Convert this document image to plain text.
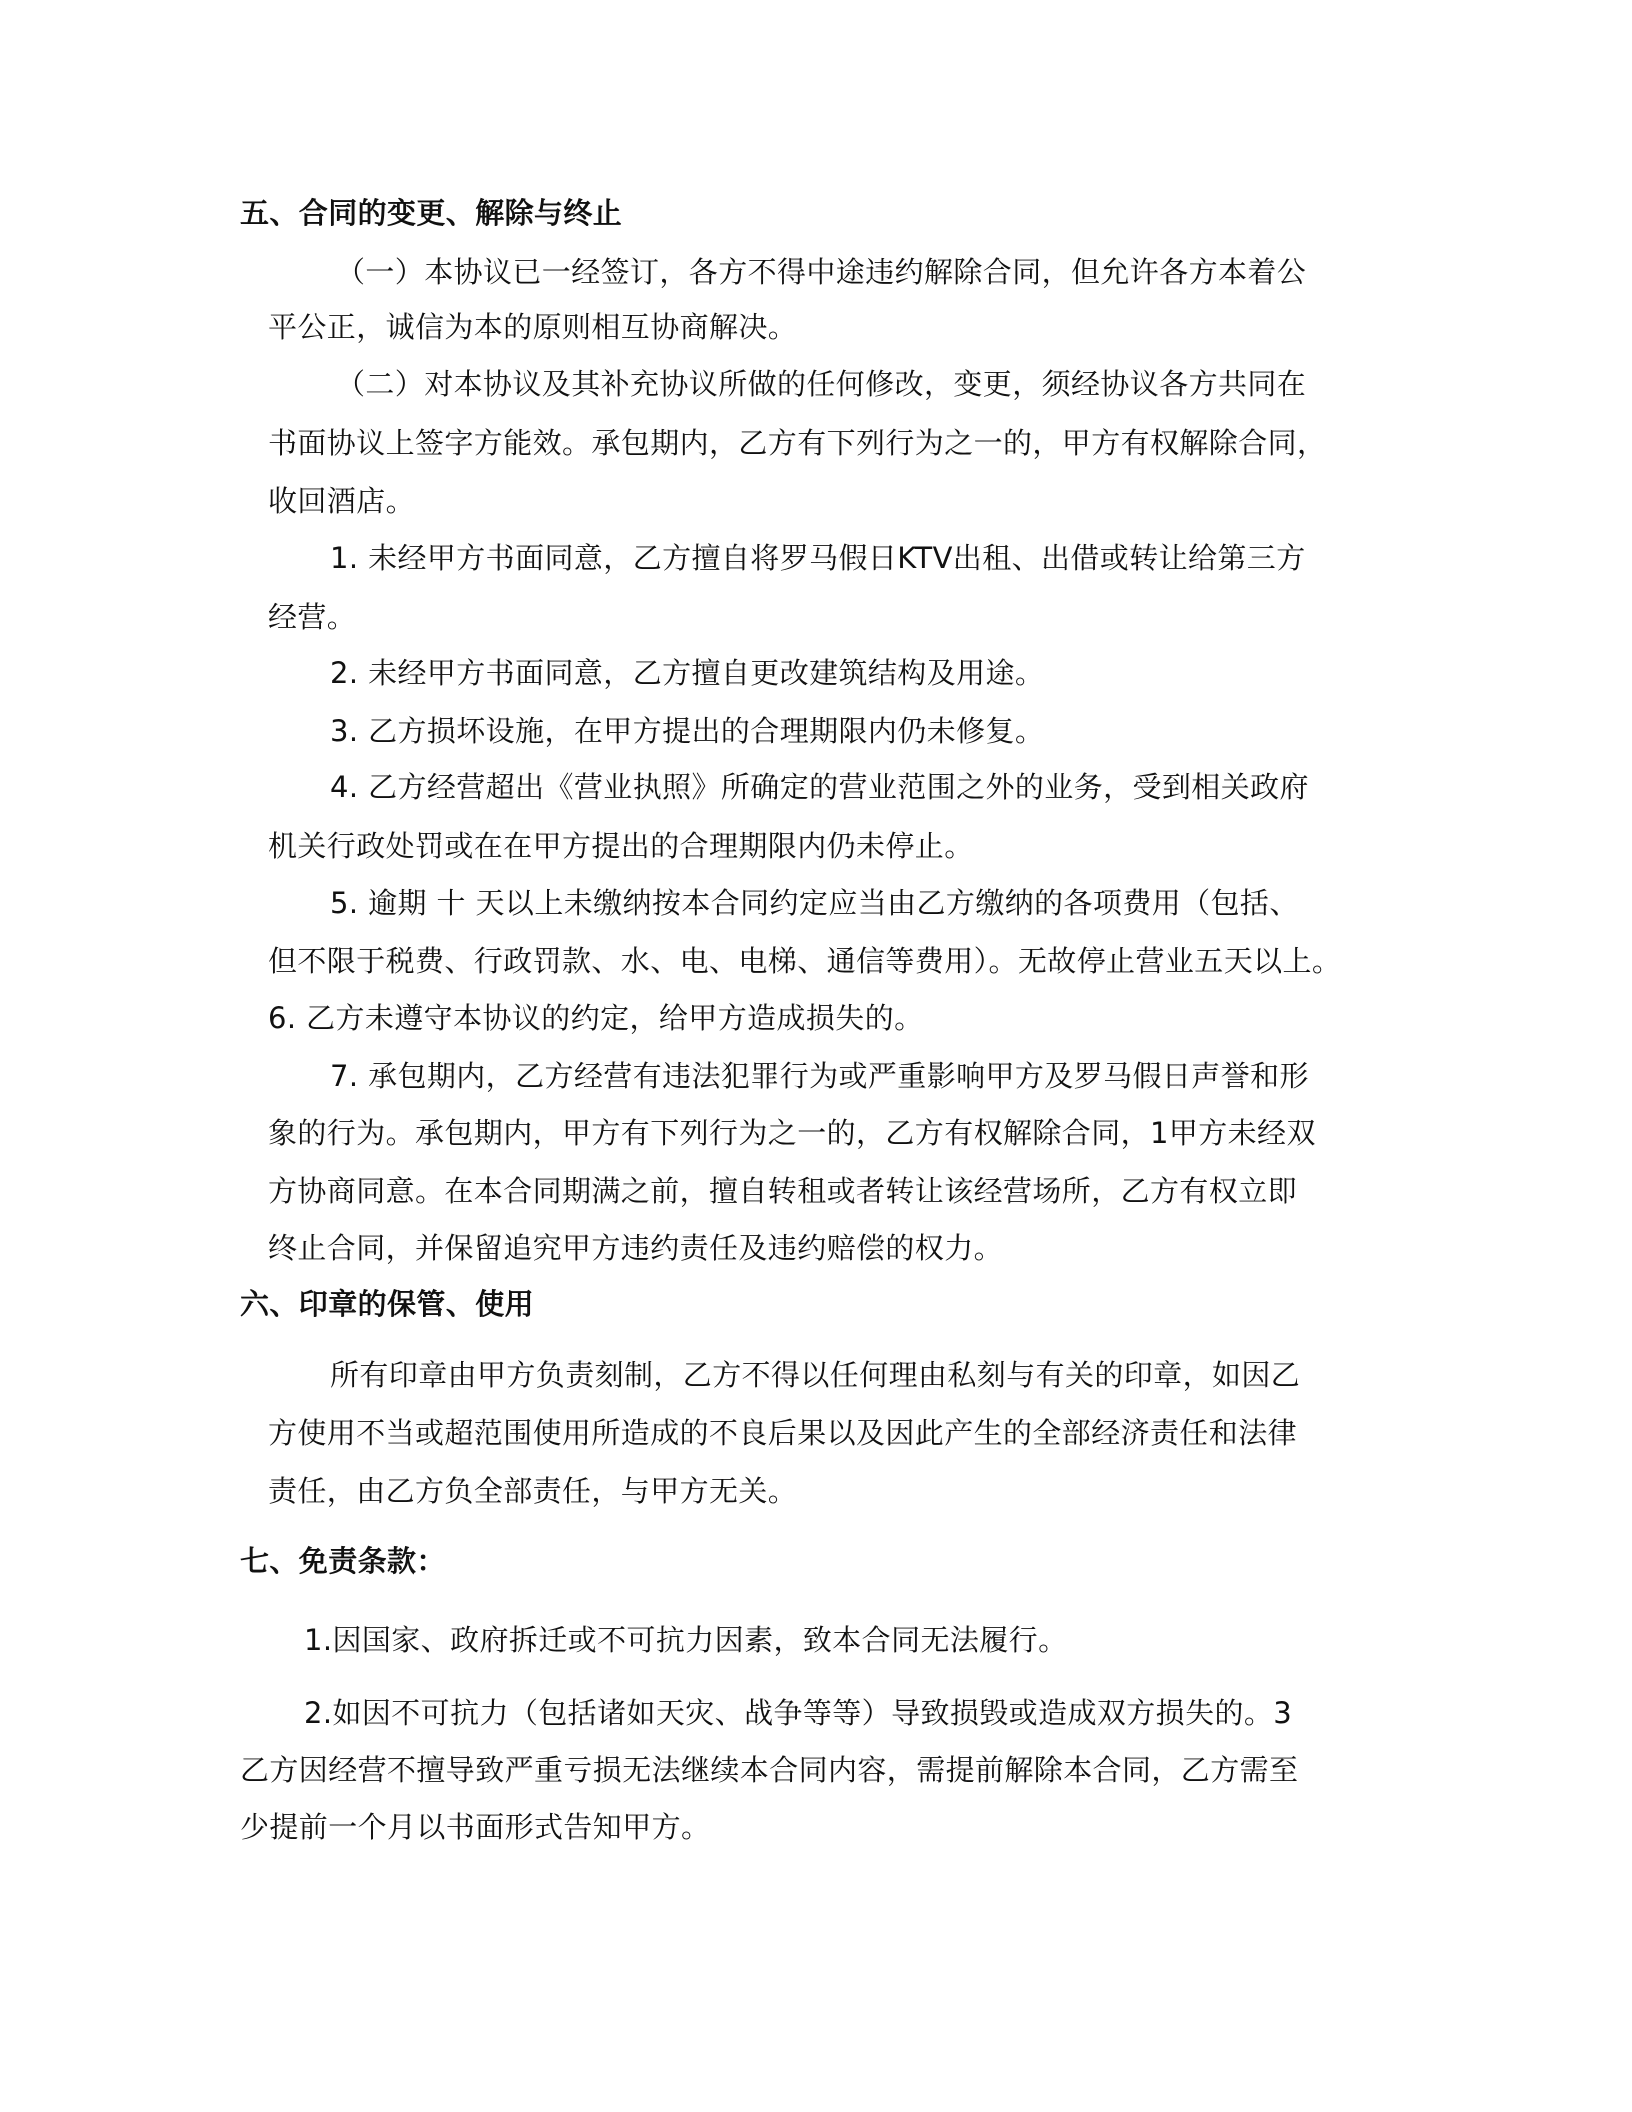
五、合同的变更、解除与终止
（一）本协议已一经签订，各方不得中途违约解除合同，但允许各方本着公
平公正，诚信为本的原则相互协商解决。
（二）对本协议及其补充协议所做的任何修改，变更，须经协议各方共同在
书面协议上签字方能效。承包期内，乙方有下列行为之一的，甲方有权解除合同，
收回酒店。
1. 未经甲方书面同意，乙方擅自将罗马假日KTV出租、出借或转让给第三方
经营。
2. 未经甲方书面同意，乙方擅自更改建筑结构及用途。
3. 乙方损坏设施，在甲方提出的合理期限内仍未修复。
4. 乙方经营超出《营业执照》所确定的营业范围之外的业务，受到相关政府
机关行政处罚或在在甲方提出的合理期限内仍未停止。
5. 逾期 十 天以上未缴纳按本合同约定应当由乙方缴纳的各项费用（包括、
但不限于税费、行政罚款、水、电、电梯、通信等费用）。无故停止营业五天以上。
6. 乙方未遵守本协议的约定，给甲方造成损失的。
7. 承包期内，乙方经营有违法犯罪行为或严重影响甲方及罗马假日声誉和形
象的行为。承包期内，甲方有下列行为之一的，乙方有权解除合同，1甲方未经双
方协商同意。在本合同期满之前，擅自转租或者转让该经营场所，乙方有权立即
终止合同，并保留追究甲方违约责任及违约赔偿的权力。
六、印章的保管、使用
所有印章由甲方负责刻制，乙方不得以任何理由私刻与有关的印章，如因乙
方使用不当或超范围使用所造成的不良后果以及因此产生的全部经济责任和法律
责任，由乙方负全部责任，与甲方无关。
七、免责条款：
1.因国家、政府拆迁或不可抗力因素，致本合同无法履行。
2.如因不可抗力（包括诸如天灾、战争等等）导致损毁或造成双方损失的。3
乙方因经营不擅导致严重亏损无法继续本合同内容，需提前解除本合同，乙方需至
少提前一个月以书面形式告知甲方。
